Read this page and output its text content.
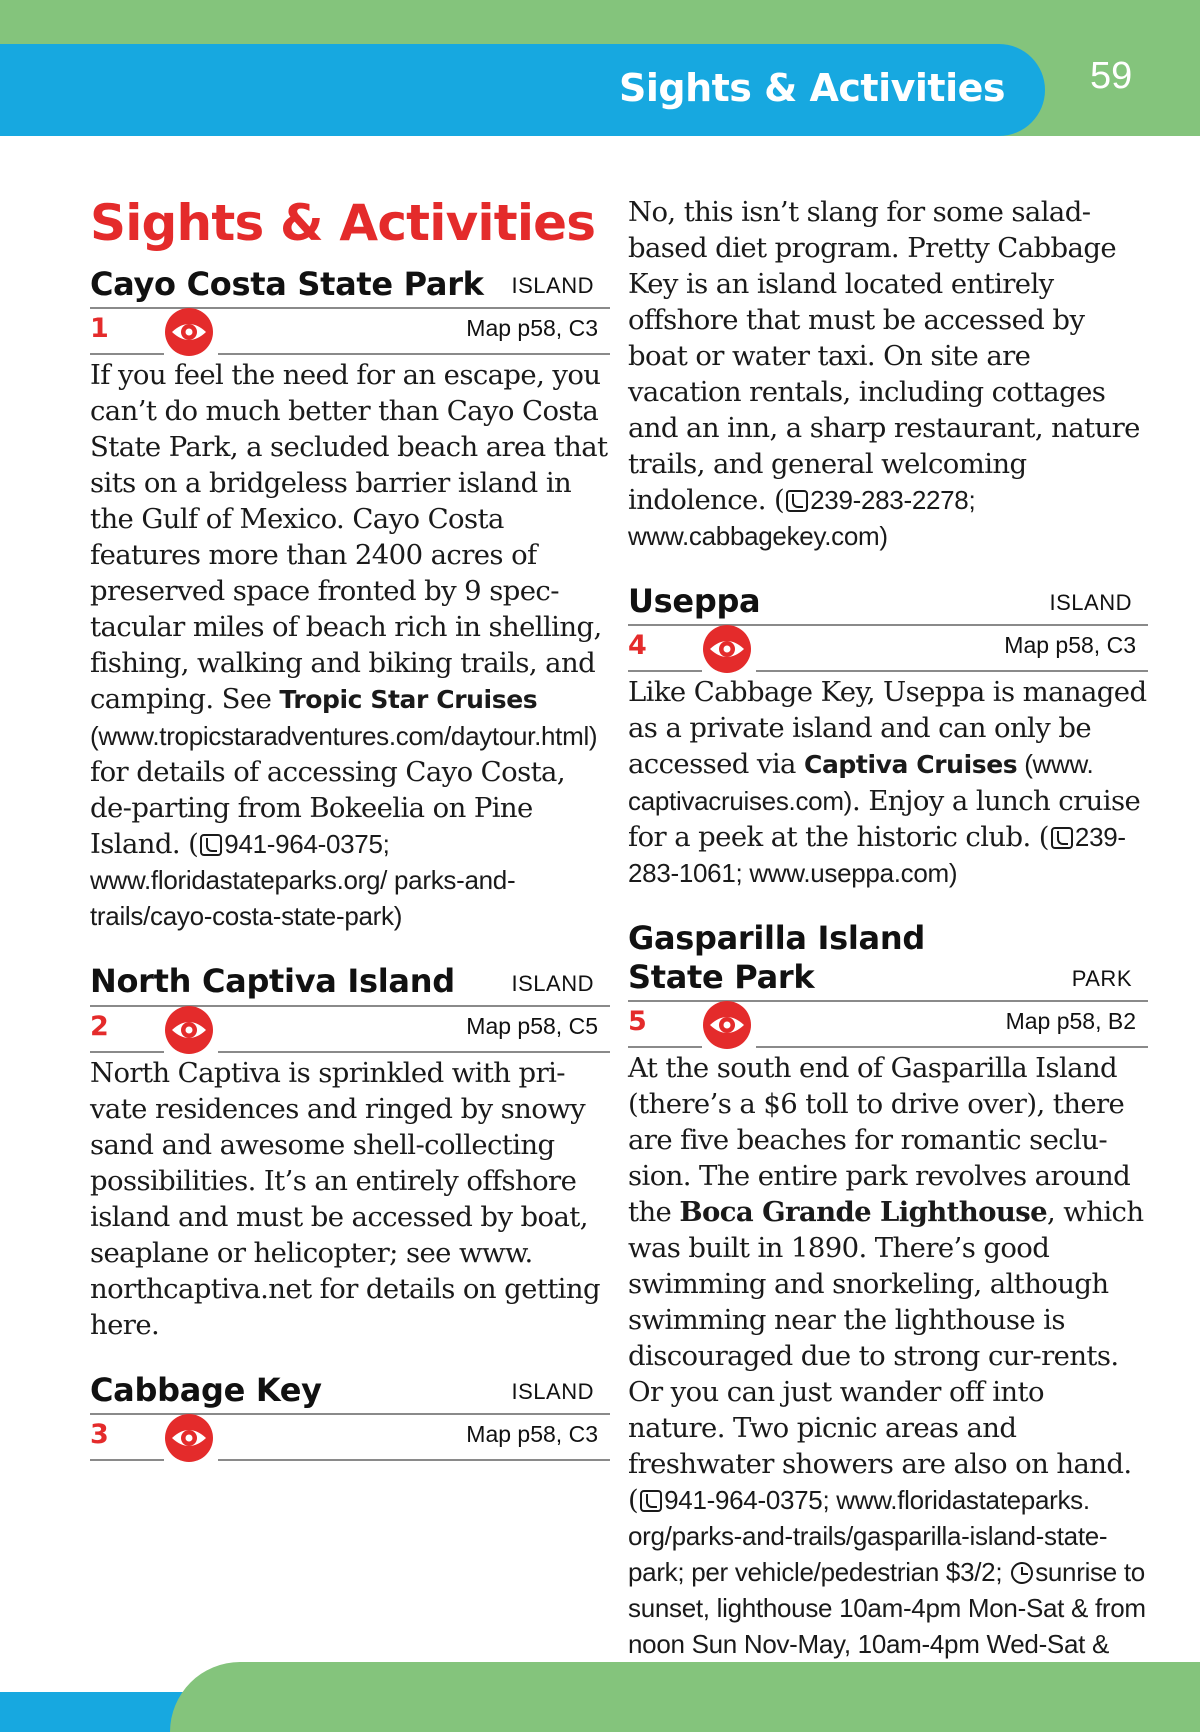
Sights & Activities 59
Sights & Activities
Cayo Costa State Park ISLAND
1	Map p58, C3

If you feel the need for an escape, you can’t do much better than Cayo Costa State Park, a secluded beach area that sits on a bridgeless barrier island in the Gulf of Mexico. Cayo Costa features more than 2400 acres of preserved space fronted by 9 spec-tacular miles of beach rich in shelling, fishing, walking and biking trails, and camping. See Tropic Star Cruises (www.tropicstaradventures.com/daytour.html) for details of accessing Cayo Costa, de-parting from Bokeelia on Pine Island. ( 941-964-0375; www.floridastateparks.org/ parks-and-trails/cayo-costa-state-park)

North Captiva Island	ISLAND
2	Map p58, C5

North Captiva is sprinkled with pri-vate residences and ringed by snowy sand and awesome shell-collecting possibilities. It’s an entirely offshore island and must be accessed by boat, seaplane or helicopter; see www. northcaptiva.net for details on getting here.

Cabbage Key	ISLAND
3	Map p58, C3

No, this isn’t slang for some salad-based diet program. Pretty Cabbage Key is an island located entirely offshore that must be accessed by boat or water taxi. On site are vacation rentals, including cottages and an inn, a sharp restaurant, nature trails, and general welcoming indolence. ( 239-283-2278; www.cabbagekey.com)

Useppa	ISLAND
4	Map p58, C3

Like Cabbage Key, Useppa is managed as a private island and can only be accessed via Captiva Cruises (www. captivacruises.com). Enjoy a lunch cruise for a peek at the historic club. ( 239-283-1061; www.useppa.com)

Gasparilla Island State Park	PARK
5	Map p58, B2

At the south end of Gasparilla Island (there’s a $6 toll to drive over), there are five beaches for romantic seclu-sion. The entire park revolves around the Boca Grande Lighthouse, which was built in 1890. There’s good swimming and snorkeling, although swimming near the lighthouse is discouraged due to strong cur-rents. Or you can just wander off into nature. Two picnic areas and freshwater showers are also on hand. ( 941-964-0375; www.floridastateparks. org/parks-and-trails/gasparilla-island-state-park; per vehicle/pedestrian $3/2; sunrise to sunset, lighthouse 10am-4pm Mon-Sat & from noon Sun Nov-May, 10am-4pm Wed-Sat &
